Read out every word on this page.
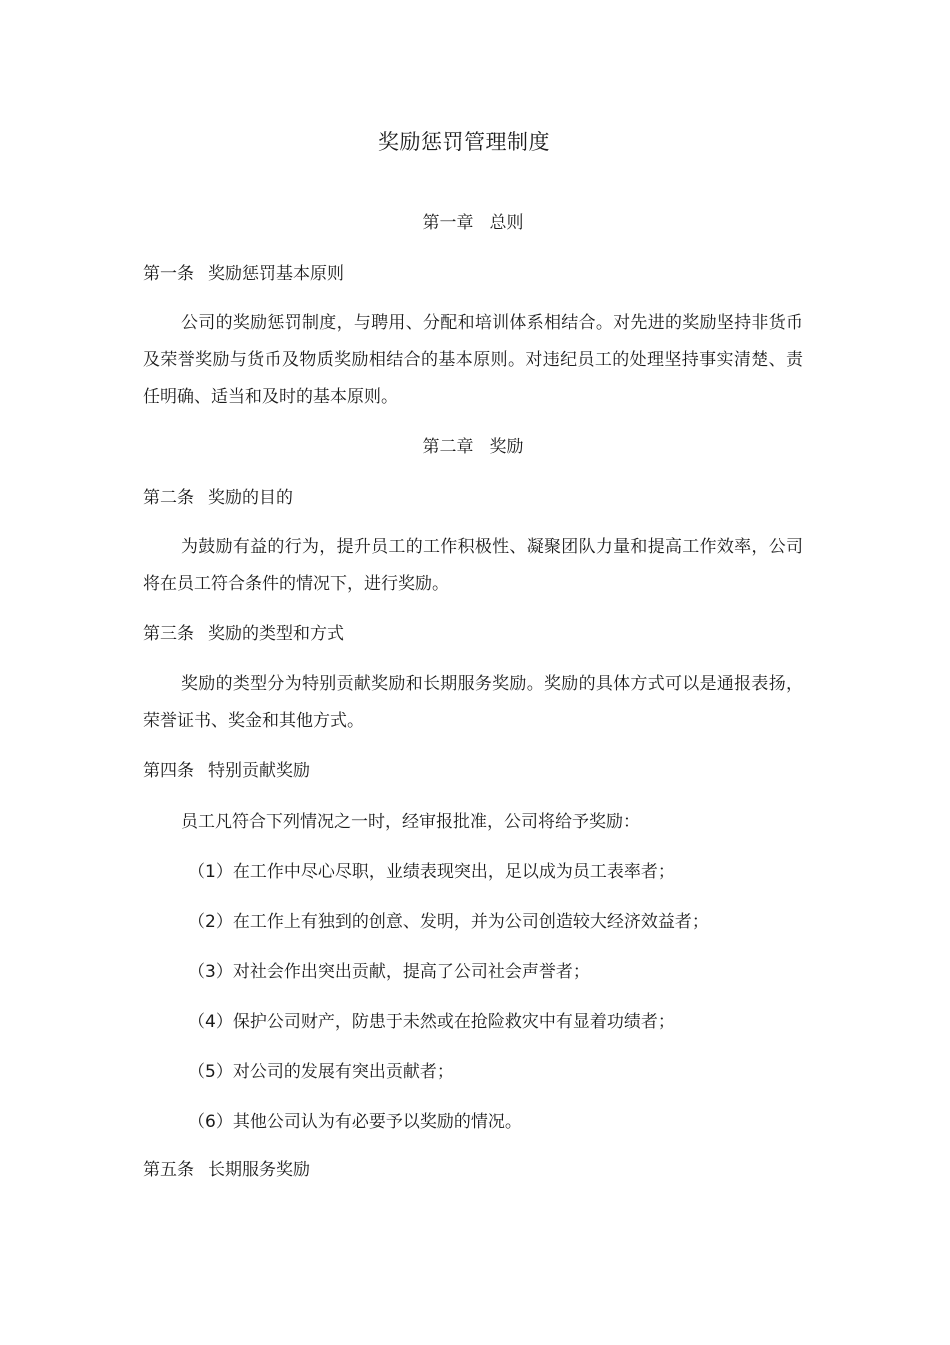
奖励惩罚管理制度
第一章 总则
第一条 奖励惩罚基本原则
公司的奖励惩罚制度，与聘用、分配和培训体系相结合。对先进的奖励坚持非货币及荣誉奖励与货币及物质奖励相结合的基本原则。对违纪员工的处理坚持事实清楚、责任明确、适当和及时的基本原则。
第二章 奖励
第二条 奖励的目的
为鼓励有益的行为，提升员工的工作积极性、凝聚团队力量和提高工作效率，公司将在员工符合条件的情况下，进行奖励。
第三条 奖励的类型和方式
奖励的类型分为特别贡献奖励和长期服务奖励。奖励的具体方式可以是通报表扬，荣誉证书、奖金和其他方式。
第四条 特别贡献奖励
员工凡符合下列情况之一时，经审报批准，公司将给予奖励：
（1）在工作中尽心尽职，业绩表现突出，足以成为员工表率者；
（2）在工作上有独到的创意、发明，并为公司创造较大经济效益者；
（3）对社会作出突出贡献，提高了公司社会声誉者；
（4）保护公司财产，防患于未然或在抢险救灾中有显着功绩者；
（5）对公司的发展有突出贡献者；
（6）其他公司认为有必要予以奖励的情况。
第五条 长期服务奖励
